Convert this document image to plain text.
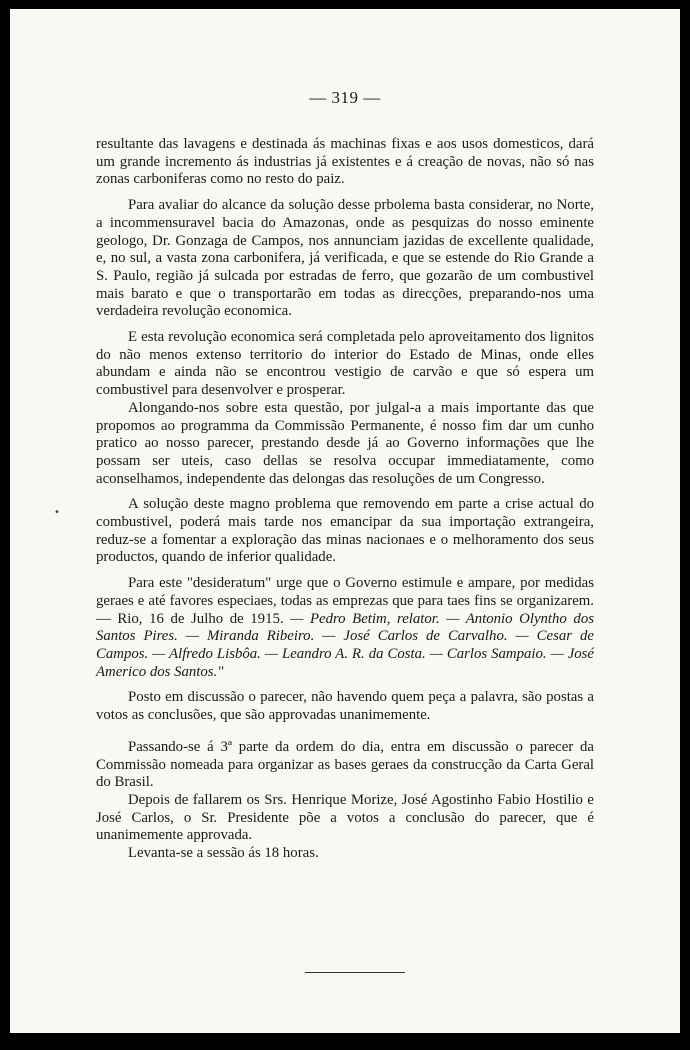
•
— 319 —

resultante das lavagens e destinada ás machinas fixas e aos usos domesticos, dará um grande incremento ás industrias já existentes e á creação de novas, não só nas zonas carboniferas como no resto do paiz.

Para avaliar do alcance da solução desse prbolema basta considerar, no Norte, a incommensuravel bacia do Amazonas, onde as pesquizas do nosso eminente geologo, Dr. Gonzaga de Campos, nos annunciam jazidas de excellente qualidade, e, no sul, a vasta zona carbonifera, já verificada, e que se estende do Rio Grande a S. Paulo, região já sulcada por estradas de ferro, que gozarão de um combustivel mais barato e que o transportarão em todas as direcções, preparando-nos uma verdadeira revolução economica.

E esta revolução economica será completada pelo aproveitamento dos lignitos do não menos extenso territorio do interior do Estado de Minas, onde elles abundam e ainda não se encontrou vestigio de carvão e que só espera um combustivel para desenvolver e prosperar.

Alongando-nos sobre esta questão, por julgal-a a mais importante das que propomos ao programma da Commissão Permanente, é nosso fim dar um cunho pratico ao nosso parecer, prestando desde já ao Governo informações que lhe possam ser uteis, caso dellas se resolva occupar immediatamente, como aconselhamos, independente das delongas das resoluções de um Congresso.

A solução deste magno problema que removendo em parte a crise actual do combustivel, poderá mais tarde nos emancipar da sua importação extrangeira, reduz-se a fomentar a exploração das minas nacionaes e o melhoramento dos seus productos, quando de inferior qualidade.

Para este "desideratum" urge que o Governo estimule e ampare, por medidas geraes e até favores especiaes, todas as emprezas que para taes fins se organizarem. — Rio, 16 de Julho de 1915. — Pedro Betim, relator. — Antonio Olyntho dos Santos Pires. — Miranda Ribeiro. — José Carlos de Carvalho. — Cesar de Campos. — Alfredo Lisbôa. — Leandro A. R. da Costa. — Carlos Sampaio. — José Americo dos Santos."

Posto em discussão o parecer, não havendo quem peça a palavra, são postas a votos as conclusões, que são approvadas unanimemente.

Passando-se á 3ª parte da ordem do dia, entra em discussão o parecer da Commissão nomeada para organizar as bases geraes da construcção da Carta Geral do Brasil.

Depois de fallarem os Srs. Henrique Morize, José Agostinho Fabio Hostilio e José Carlos, o Sr. Presidente põe a votos a conclusão do parecer, que é unanimemente approvada.

Levanta-se a sessão ás 18 horas.
